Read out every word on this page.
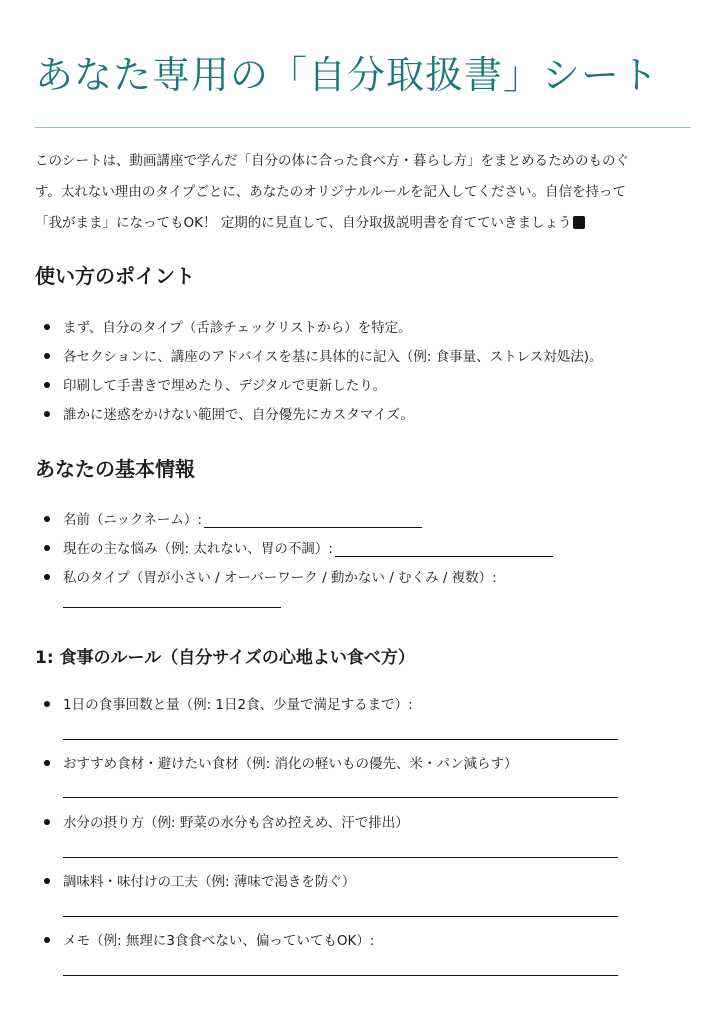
あなた専用の「自分取扱書」シート

このシートは、動画講座で学んだ「自分の体に合った食べ方・暮らし方」をまとめるためのものぐ
す。太れない理由のタイプごとに、あなたのオリジナルルールを記入してください。自信を持って
「我がまま」になってもOK！ 定期的に見直して、自分取扱説明書を育てていきましょう

使い方のポイント
まず、自分のタイプ（舌診チェックリストから）を特定。
各セクションに、講座のアドバイスを基に具体的に記入（例: 食事量、ストレス対処法)。
印刷して手書きで埋めたり、デジタルで更新したり。
誰かに迷惑をかけない範囲で、自分優先にカスタマイズ。
あなたの基本情報
名前（ニックネーム）:
現在の主な悩み（例: 太れない、胃の不調）:
私のタイプ（胃が小さい / オーバーワーク / 動かない / むくみ / 複数）:
1: 食事のルール（自分サイズの心地よい食べ方）
1日の食事回数と量（例: 1日2食、少量で満足するまで）:
おすすめ食材・避けたい食材（例: 消化の軽いもの優先、米・パン減らす）
水分の摂り方（例: 野菜の水分も含め控えめ、汗で排出）
調味料・味付けの工夫（例: 薄味で渇きを防ぐ）
メモ（例: 無理に3食食べない、偏っていてもOK）:
